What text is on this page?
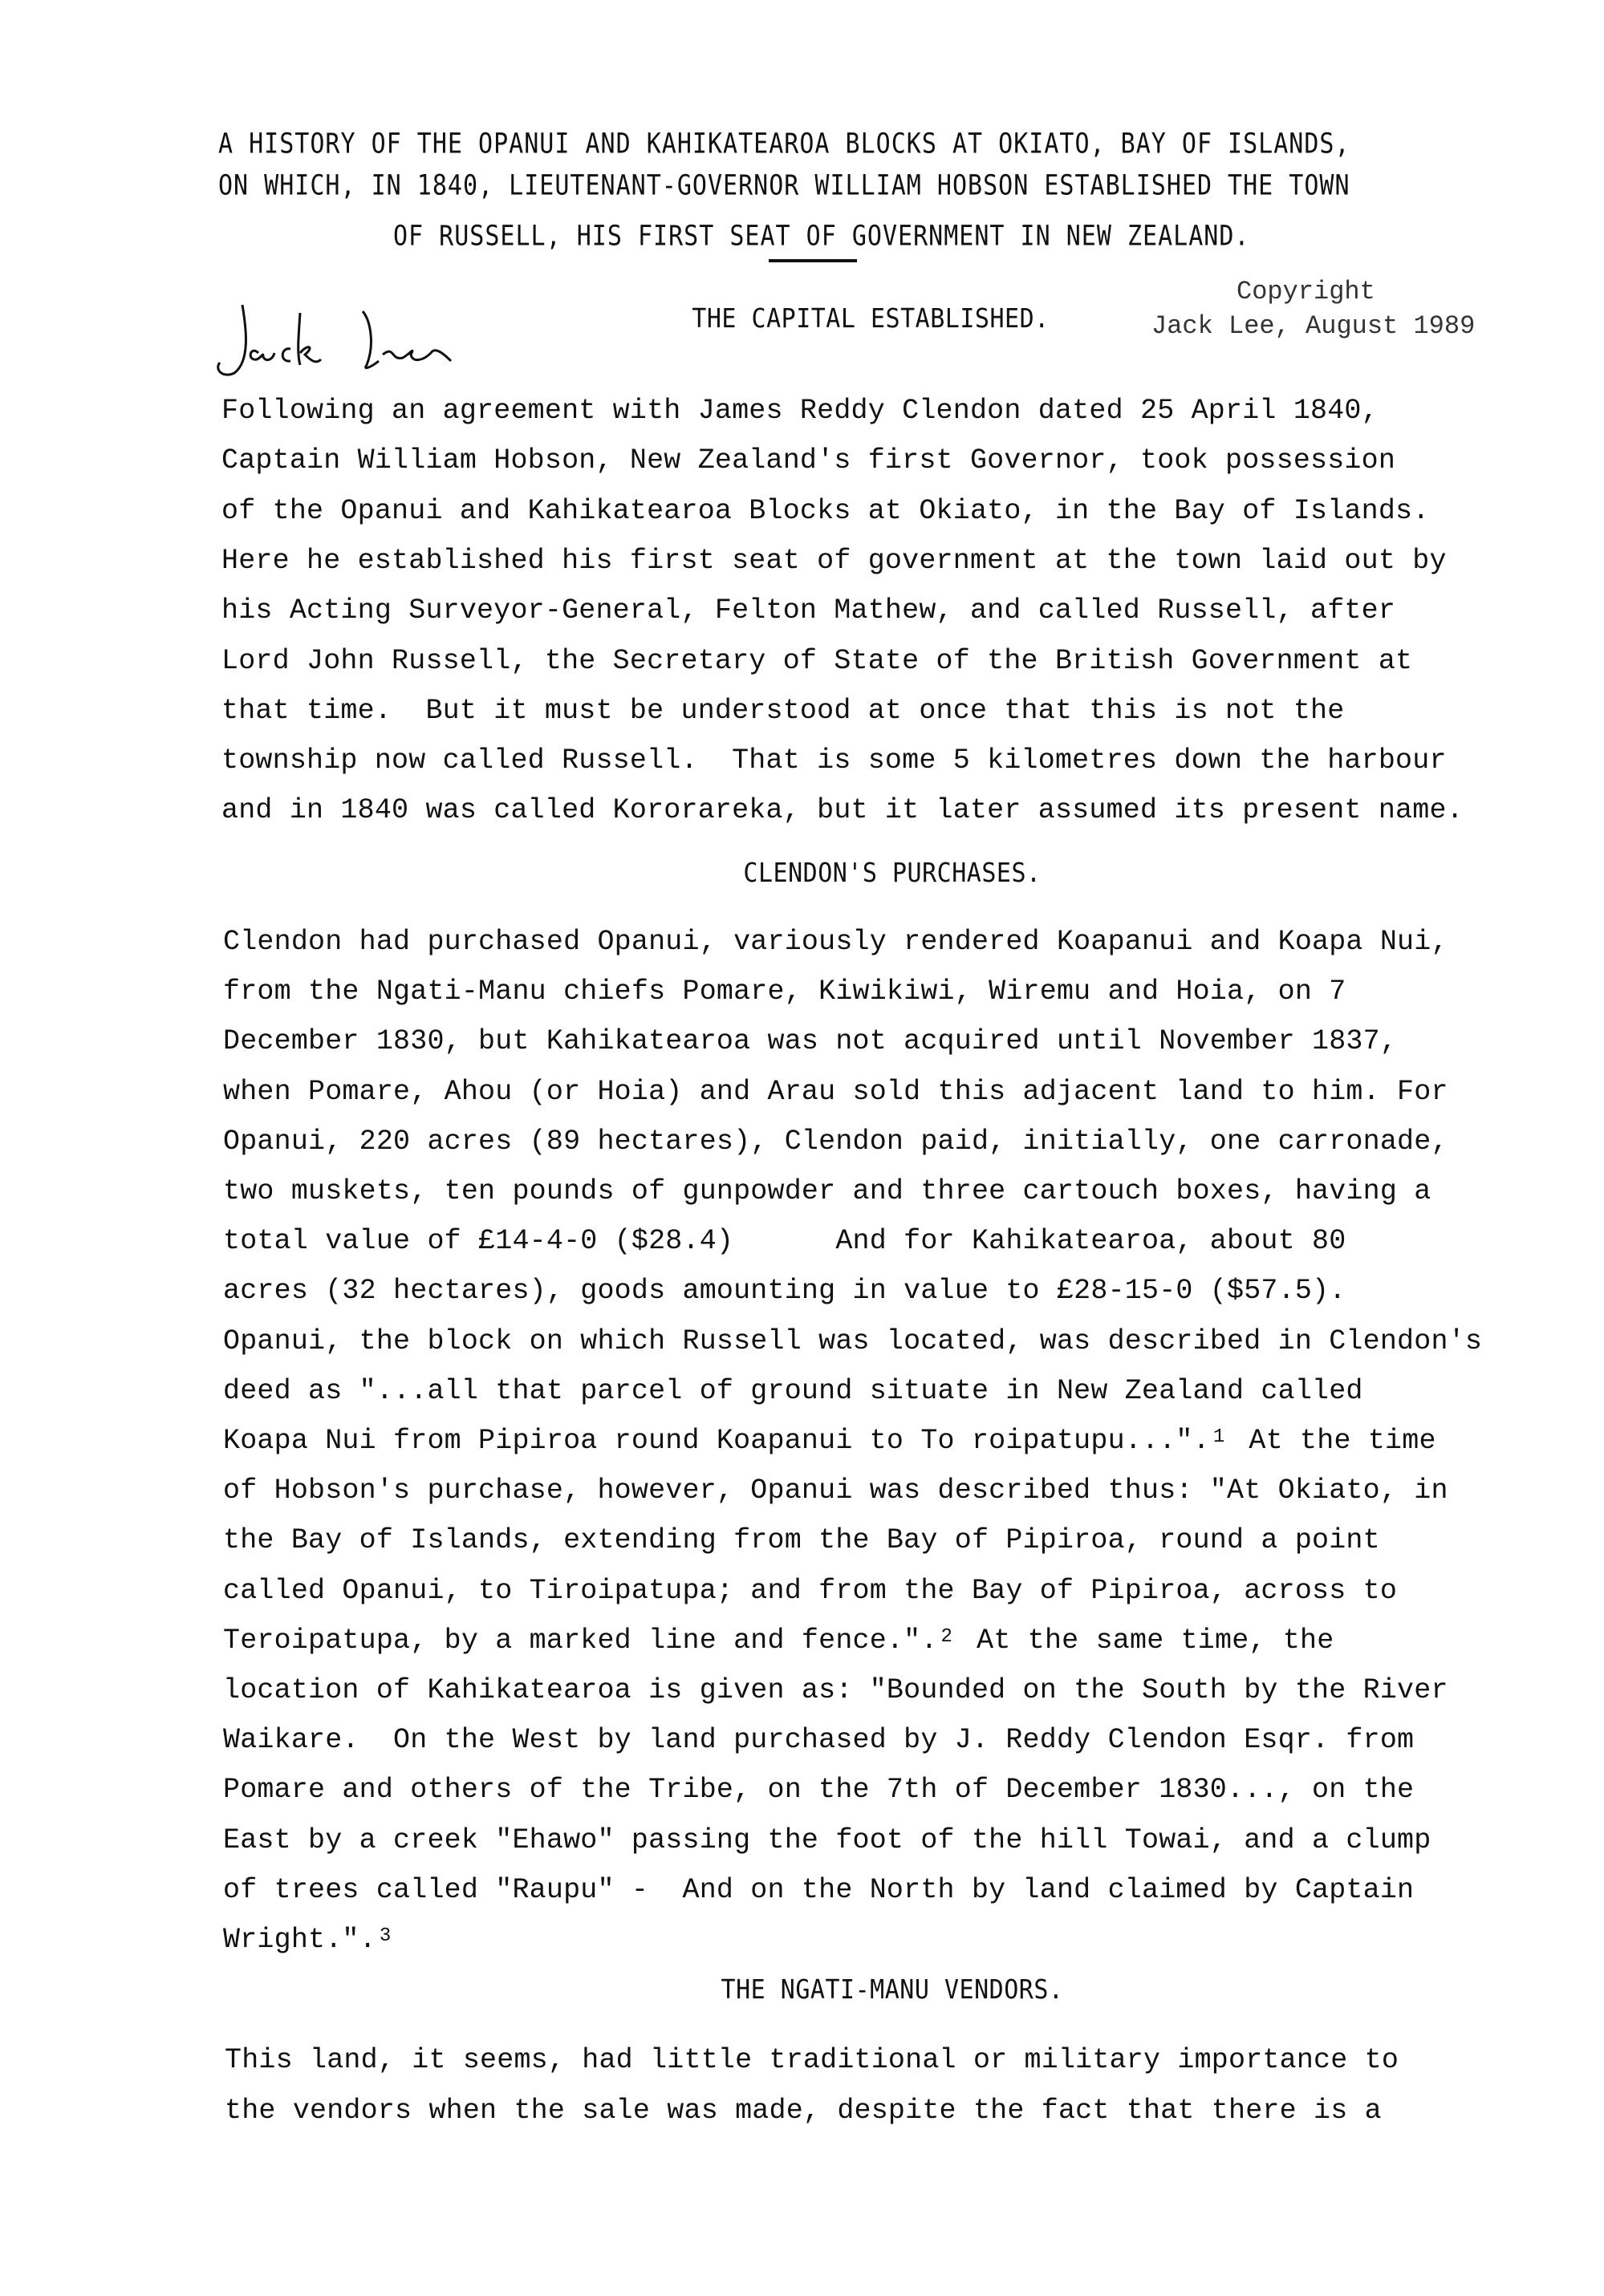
A HISTORY OF THE OPANUI AND KAHIKATEAROA BLOCKS AT OKIATO, BAY OF ISLANDS,
ON WHICH, IN 1840, LIEUTENANT-GOVERNOR WILLIAM HOBSON ESTABLISHED THE TOWN
OF RUSSELL, HIS FIRST SEAT OF GOVERNMENT IN NEW ZEALAND.
THE CAPITAL ESTABLISHED.
Copyright
Jack Lee, August 1989
CLENDON'S PURCHASES.
THE NGATI-MANU VENDORS.
Following an agreement with James Reddy Clendon dated 25 April 1840,
Captain William Hobson, New Zealand's first Governor, took possession
of the Opanui and Kahikatearoa Blocks at Okiato, in the Bay of Islands.
Here he established his first seat of government at the town laid out by
his Acting Surveyor-General, Felton Mathew, and called Russell, after
Lord John Russell, the Secretary of State of the British Government at
that time.  But it must be understood at once that this is not the
township now called Russell.  That is some 5 kilometres down the harbour
and in 1840 was called Kororareka, but it later assumed its present name.
Clendon had purchased Opanui, variously rendered Koapanui and Koapa Nui,
from the Ngati-Manu chiefs Pomare, Kiwikiwi, Wiremu and Hoia, on 7
December 1830, but Kahikatearoa was not acquired until November 1837,
when Pomare, Ahou (or Hoia) and Arau sold this adjacent land to him. For
Opanui, 220 acres (89 hectares), Clendon paid, initially, one carronade,
two muskets, ten pounds of gunpowder and three cartouch boxes, having a
total value of £14-4-0 ($28.4)      And for Kahikatearoa, about 80
acres (32 hectares), goods amounting in value to £28-15-0 ($57.5).
Opanui, the block on which Russell was located, was described in Clendon's
deed as "...all that parcel of ground situate in New Zealand called
Koapa Nui from Pipiroa round Koapanui to To roipatupu...". $^1$ At the time
of Hobson's purchase, however, Opanui was described thus: "At Okiato, in
the Bay of Islands, extending from the Bay of Pipiroa, round a point
called Opanui, to Tiroipatupa; and from the Bay of Pipiroa, across to
Teroipatupa, by a marked line and fence.". $^2$ At the same time, the
location of Kahikatearoa is given as: "Bounded on the South by the River
Waikare.  On the West by land purchased by J. Reddy Clendon Esqr. from
Pomare and others of the Tribe, on the 7th of December 1830..., on the
East by a creek "Ehawo" passing the foot of the hill Towai, and a clump
of trees called "Raupu" -  And on the North by land claimed by Captain
Wright.". $^3$
This land, it seems, had little traditional or military importance to
the vendors when the sale was made, despite the fact that there is a
